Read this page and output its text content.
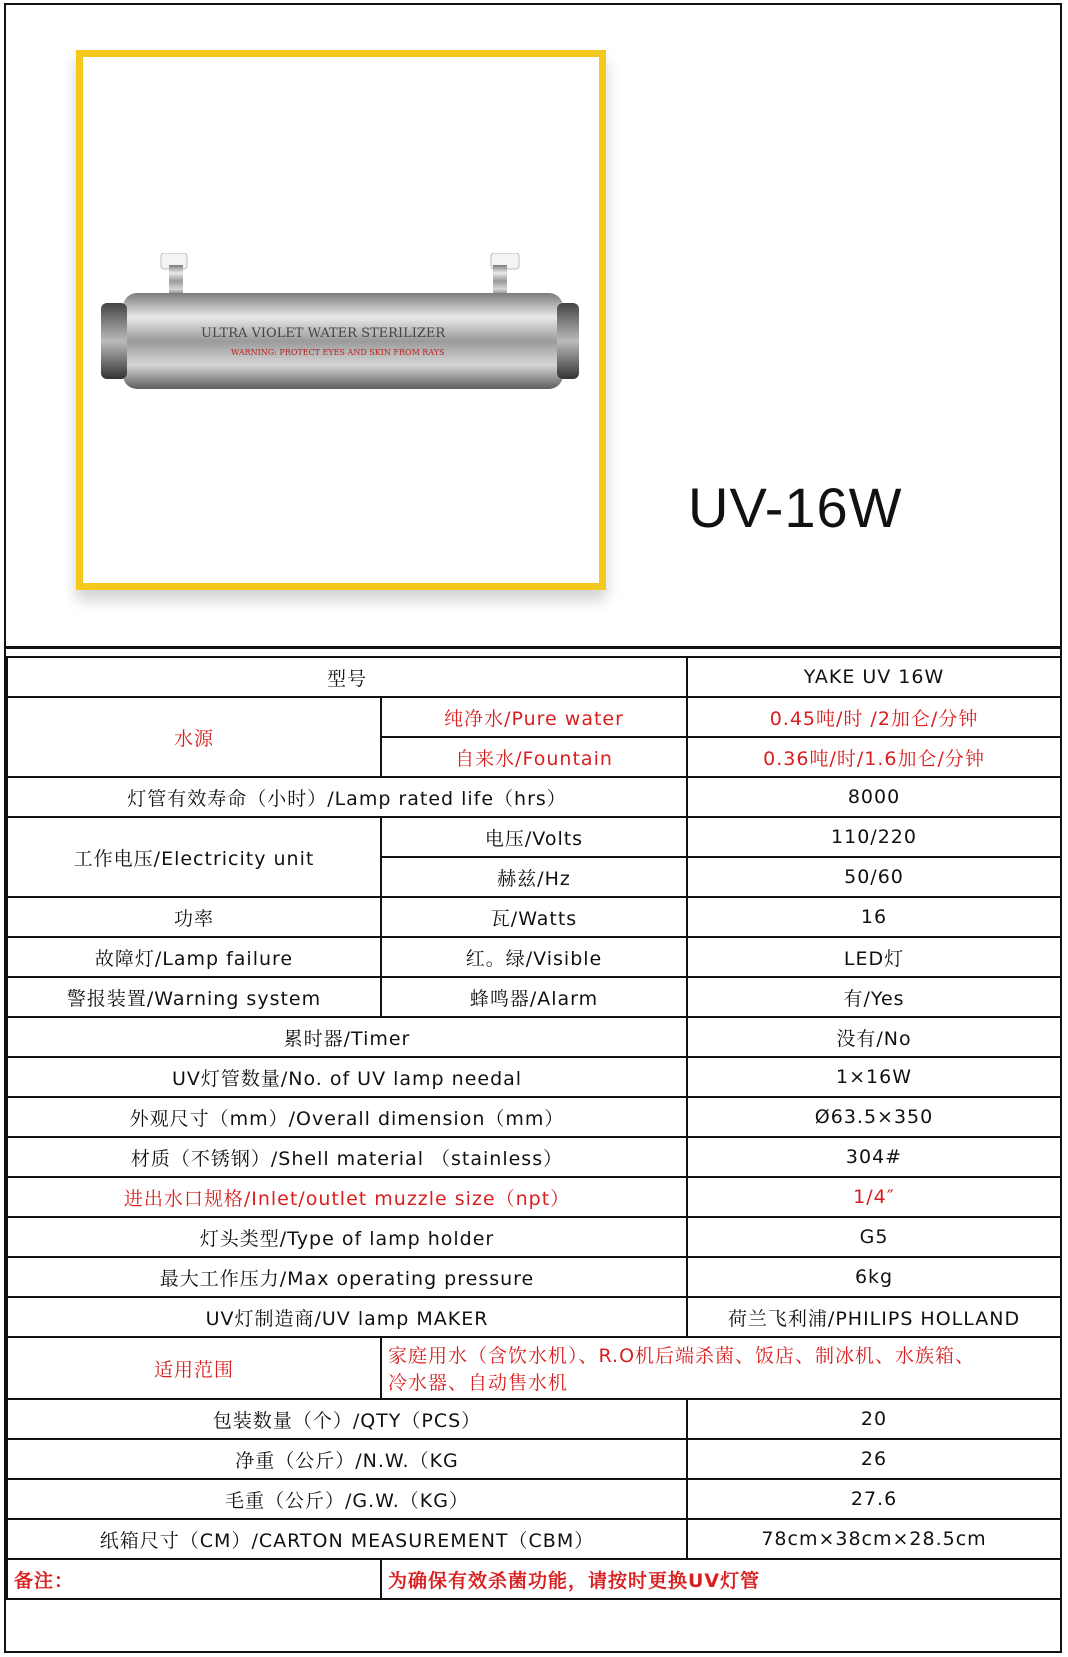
ULTRA VIOLET WATER STERILIZER
WARNING: PROTECT EYES AND SKIN FROM RAYS
UV-16W
型号		YAKE UV 16W
水源	纯净水/Pure water	0.45吨/时 /2加仑/分钟
	自来水/Fountain	0.36吨/时/1.6加仑/分钟
灯管有效寿命（小时）/Lamp rated life（hrs）		8000
工作电压/Electricity unit	电压/Volts	110/220
	赫兹/Hz	50/60
功率	瓦/Watts	16
故障灯/Lamp failure	红。绿/Visible	LED灯
警报装置/Warning system	蜂鸣器/Alarm	有/Yes
累时器/Timer		没有/No
UV灯管数量/No. of UV lamp needal		1×16W
外观尺寸（mm）/Overall dimension（mm）		Ø63.5×350
材质（不锈钢）/Shell material （stainless）		304#
进出水口规格/Inlet/outlet muzzle size（npt）		1/4″
灯头类型/Type of lamp holder		G5
最大工作压力/Max operating pressure		6kg
UV灯制造商/UV lamp MAKER		荷兰飞利浦/PHILIPS HOLLAND
适用范围	家庭用水（含饮水机）、R.O机后端杀菌、饭店、制冰机、水族箱、
冷水器、自动售水机	

包装数量（个）/QTY（PCS）		20
净重（公斤）/N.W.（KG		26
毛重（公斤）/G.W.（KG）		27.6
纸箱尺寸（CM）/CARTON MEASUREMENT（CBM）		78cm×38cm×28.5cm
备注：	为确保有效杀菌功能，请按时更换UV灯管	
